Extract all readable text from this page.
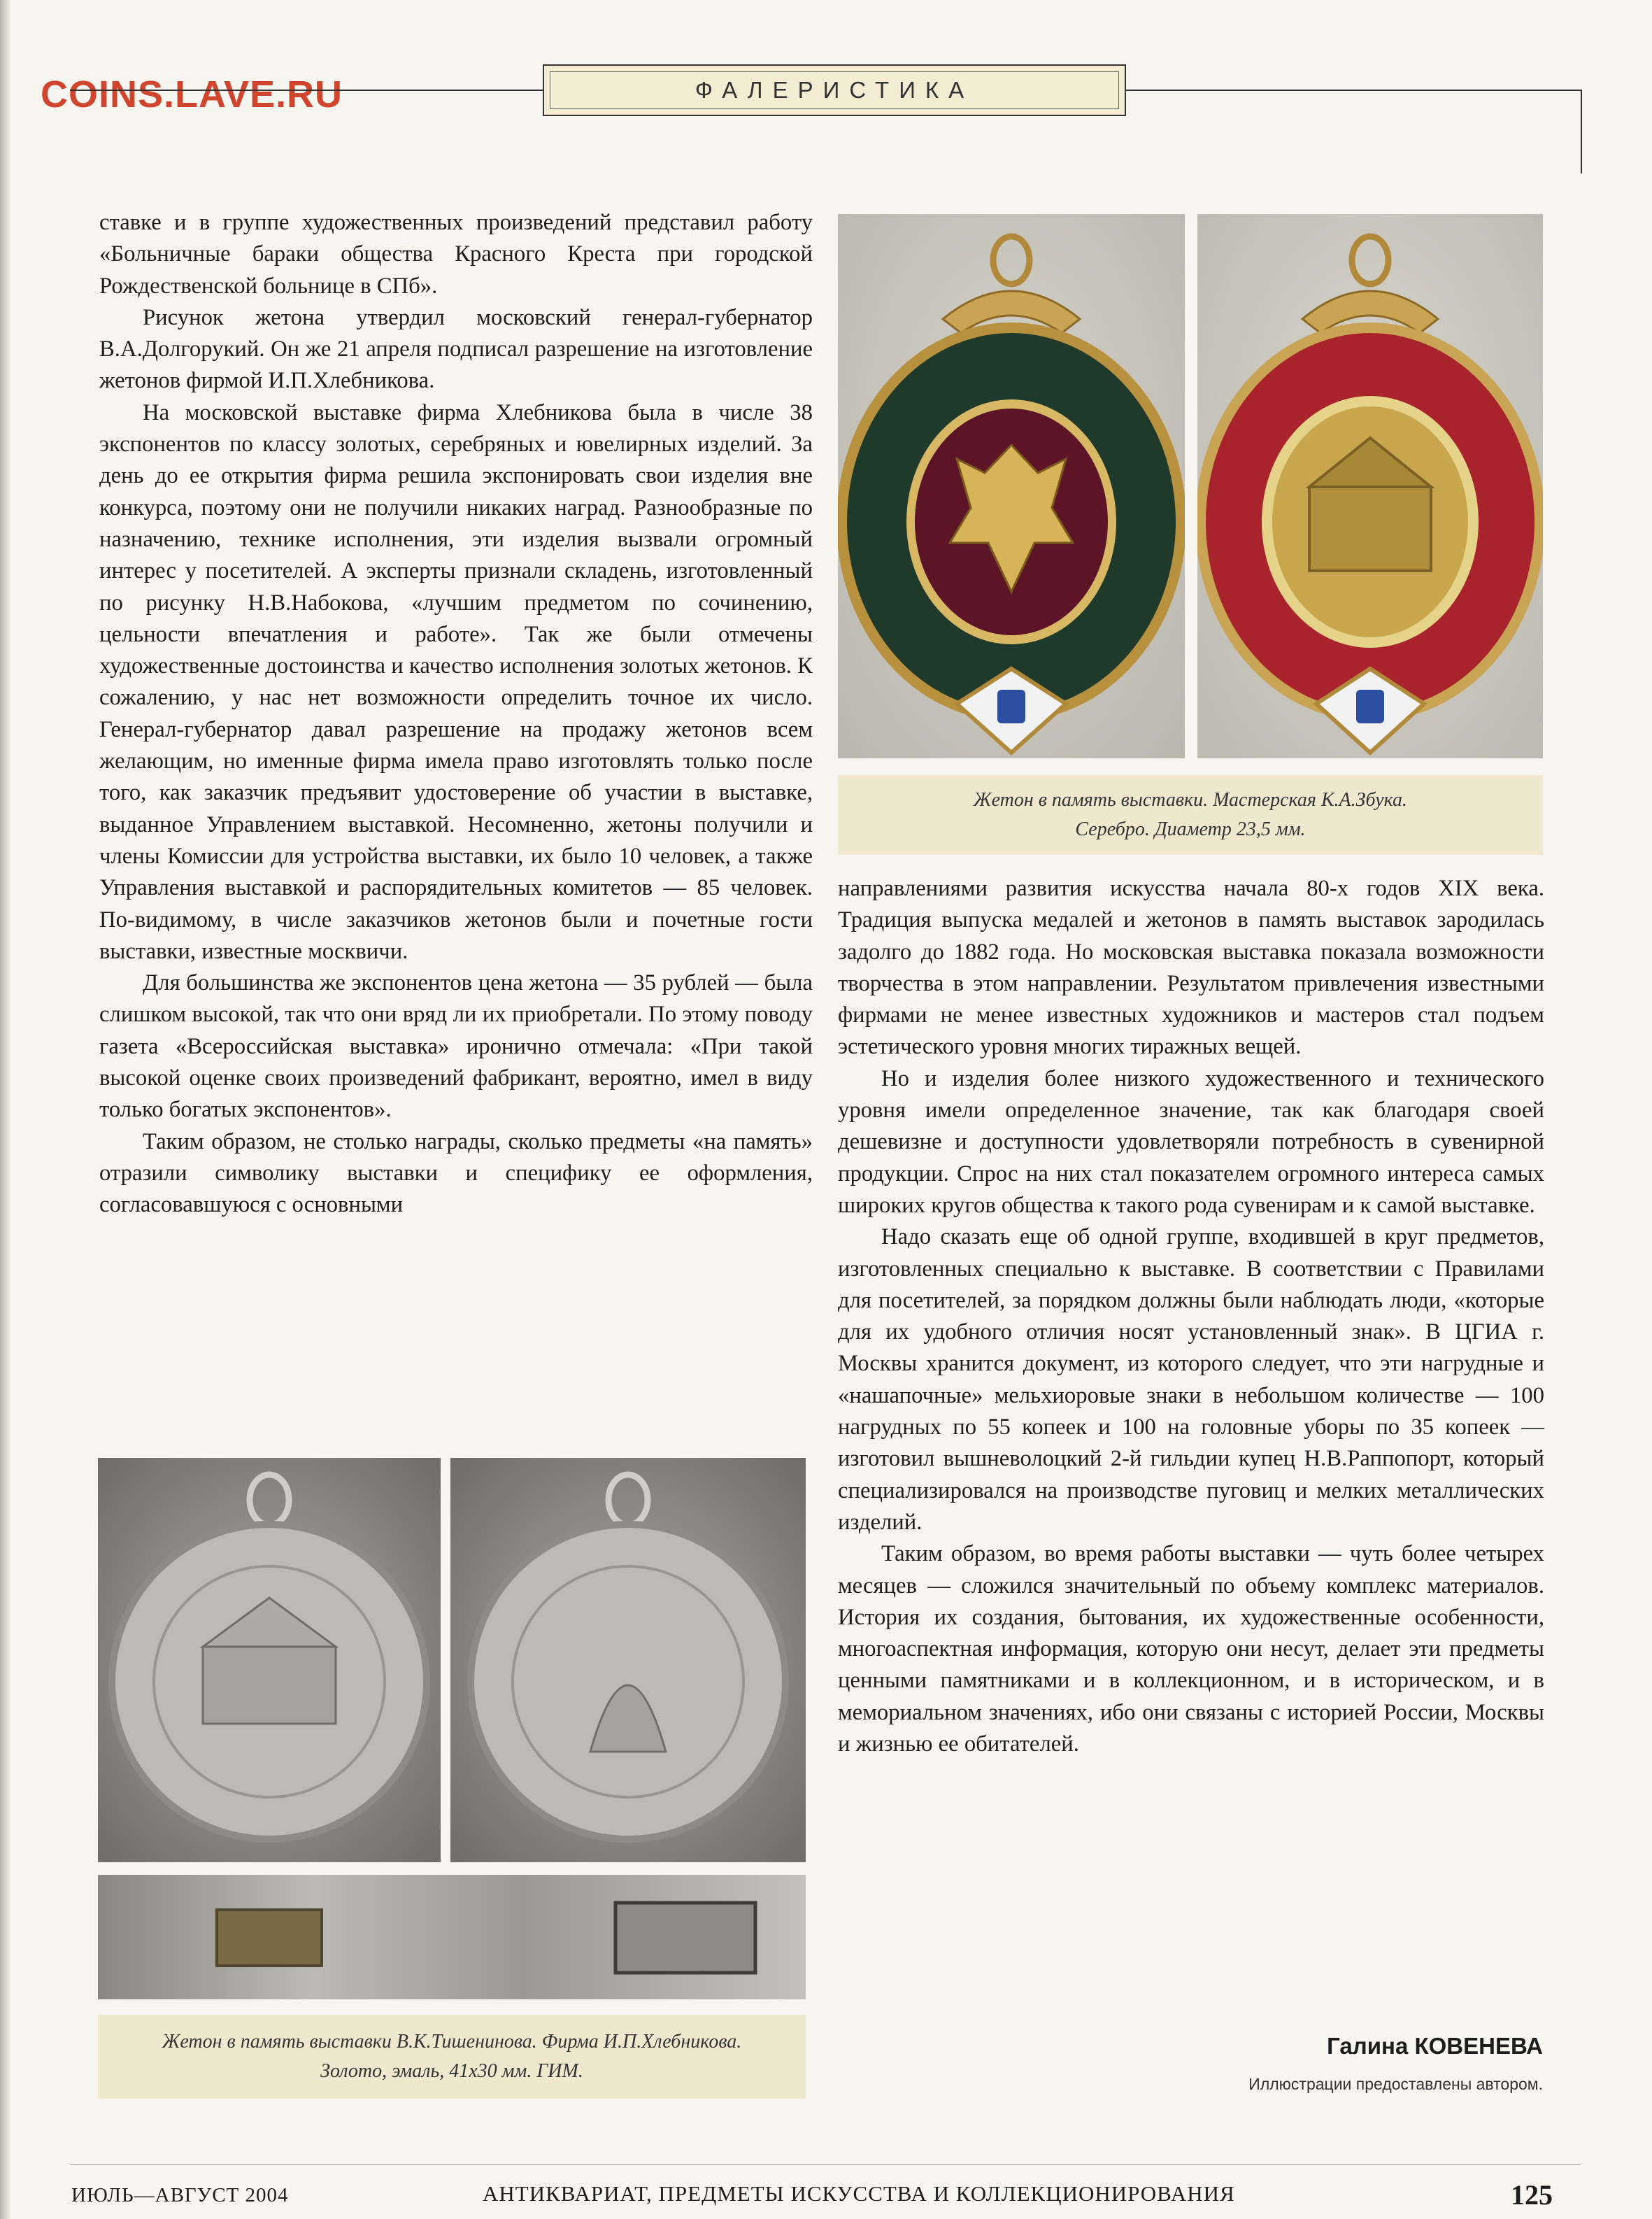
COINS.LAVE.RU	ФАЛЕРИСТИКА

ставке и в группе художественных произведений представил работу «Больничные бараки общества Красного Креста при городской Рождественской больнице в СПб».

Рисунок жетона утвердил московский генерал-губернатор В.А.Долгорукий. Он же 21 апреля подписал разрешение на изготовление жетонов фирмой И.П.Хлебникова.

На московской выставке фирма Хлебникова была в числе 38 экспонентов по классу золотых, серебряных и ювелирных изделий. За день до ее открытия фирма решила экспонировать свои изделия вне конкурса, поэтому они не получили никаких наград. Разнообразные по назначению, технике исполнения, эти изделия вызвали огромный интерес у посетителей. А эксперты признали складень, изготовленный по рисунку Н.В.Набокова, «лучшим предметом по сочинению, цельности впечатления и работе». Так же были отмечены художественные достоинства и качество исполнения золотых жетонов. К сожалению, у нас нет возможности определить точное их число. Генерал-губернатор давал разрешение на продажу жетонов всем желающим, но именные фирма имела право изготовлять только после того, как заказчик предъявит удостоверение об участии в выставке, выданное Управлением выставкой. Несомненно, жетоны получили и члены Комиссии для устройства выставки, их было 10 человек, а также Управления выставкой и распорядительных комитетов — 85 человек. По-видимому, в числе заказчиков жетонов были и почетные гости выставки, известные москвичи.

Для большинства же экспонентов цена жетона — 35 рублей — была слишком высокой, так что они вряд ли их приобретали. По этому поводу газета «Всероссийская выставка» иронично отмечала: «При такой высокой оценке своих произведений фабрикант, вероятно, имел в виду только богатых экспонентов».

Таким образом, не столько награды, сколько предметы «на память» отразили символику выставки и специфику ее оформления, согласовавшуюся с основными

Жетон в память выставки. Мастерская К.А.Збука.
Серебро. Диаметр 23,5 мм.

направлениями развития искусства начала 80-х годов XIX века. Традиция выпуска медалей и жетонов в память выставок зародилась задолго до 1882 года. Но московская выставка показала возможности творчества в этом направлении. Результатом привлечения известными фирмами не менее известных художников и мастеров стал подъем эстетического уровня многих тиражных вещей.

Но и изделия более низкого художественного и технического уровня имели определенное значение, так как благодаря своей дешевизне и доступности удовлетворяли потребность в сувенирной продукции. Спрос на них стал показателем огромного интереса самых широких кругов общества к такого рода сувенирам и к самой выставке.

Надо сказать еще об одной группе, входившей в круг предметов, изготовленных специально к выставке. В соответствии с Правилами для посетителей, за порядком должны были наблюдать люди, «которые для их удобного отличия носят установленный знак». В ЦГИА г. Москвы хранится документ, из которого следует, что эти нагрудные и «нашапочные» мельхиоровые знаки в небольшом количестве — 100 нагрудных по 55 копеек и 100 на головные уборы по 35 копеек — изготовил вышневолоцкий 2-й гильдии купец Н.В.Раппопорт, который специализировался на производстве пуговиц и мелких металлических изделий.

Таким образом, во время работы выставки — чуть более четырех месяцев — сложился значительный по объему комплекс материалов. История их создания, бытования, их художественные особенности, многоаспектная информация, которую они несут, делает эти предметы ценными памятниками и в коллекционном, и в историческом, и в мемориальном значениях, ибо они связаны с историей России, Москвы и жизнью ее обитателей.

Жетон в память выставки В.К.Тишенинова. Фирма И.П.Хлебникова.
Золото, эмаль, 41х30 мм. ГИМ.
Галина КОВЕНЕВА
Иллюстрации предоставлены автором.
ИЮЛЬ—АВГУСТ 2004	АНТИКВАРИАТ, ПРЕДМЕТЫ ИСКУССТВА И КОЛЛЕКЦИОНИРОВАНИЯ	125
